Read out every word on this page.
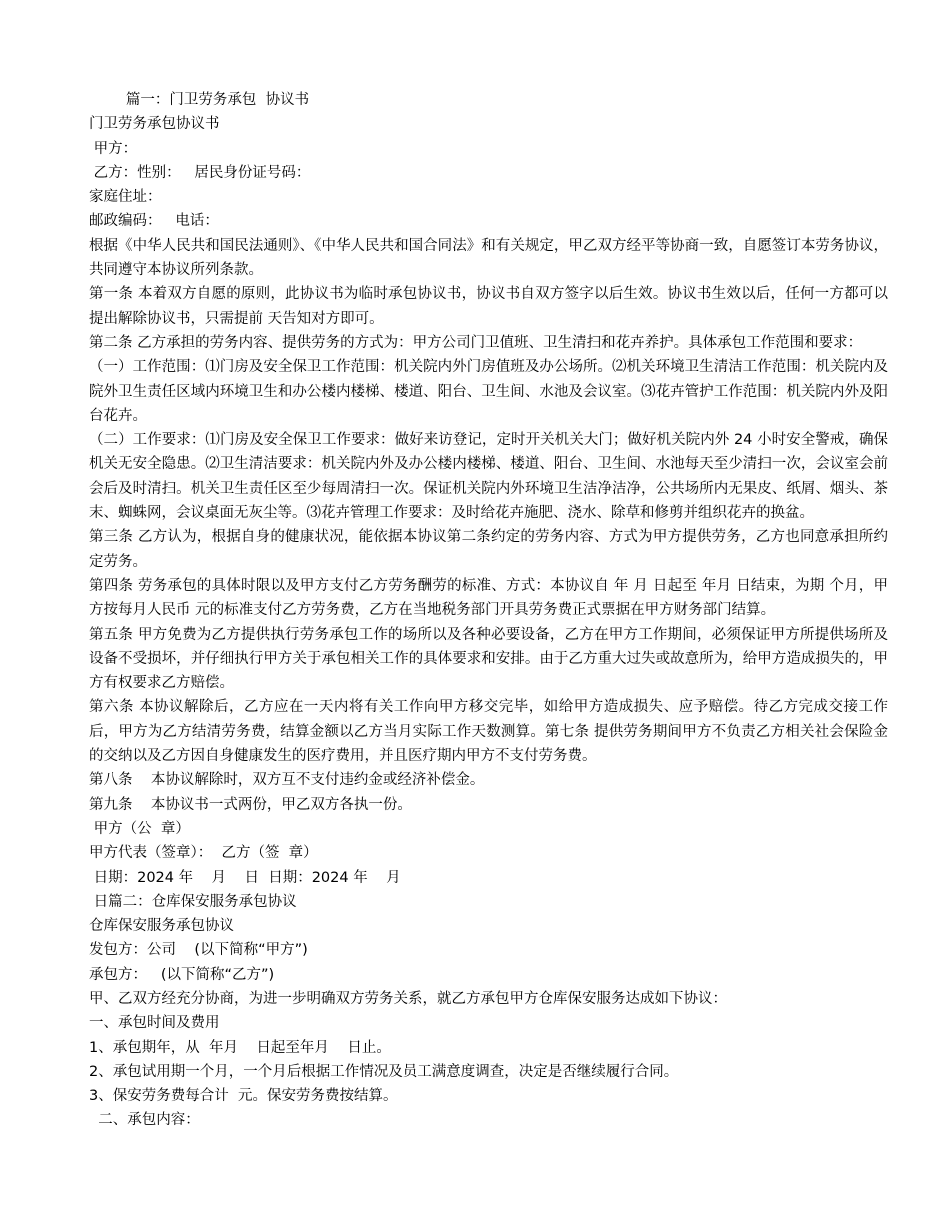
篇一：门卫劳务承包  协议书
门卫劳务承包协议书
甲方：
乙方：性别：   居民身份证号码：
家庭住址：
邮政编码：   电话：
根据《中华人民共和国民法通则》、《中华人民共和国合同法》和有关规定，甲乙双方经平等协商一致，自愿签订本劳务协议，共同遵守本协议所列条款。
第一条 本着双方自愿的原则，此协议书为临时承包协议书，协议书自双方签字以后生效。协议书生效以后，任何一方都可以提出解除协议书，只需提前 天告知对方即可。
第二条 乙方承担的劳务内容、提供劳务的方式为：甲方公司门卫值班、卫生清扫和花卉养护。具体承包工作范围和要求：
（一）工作范围：⑴门房及安全保卫工作范围：机关院内外门房值班及办公场所。⑵机关环境卫生清洁工作范围：机关院内及院外卫生责任区域内环境卫生和办公楼内楼梯、楼道、阳台、卫生间、水池及会议室。⑶花卉管护工作范围：机关院内外及阳台花卉。
（二）工作要求：⑴门房及安全保卫工作要求：做好来访登记，定时开关机关大门；做好机关院内外 24 小时安全警戒，确保机关无安全隐患。⑵卫生清洁要求：机关院内外及办公楼内楼梯、楼道、阳台、卫生间、水池每天至少清扫一次，会议室会前会后及时清扫。机关卫生责任区至少每周清扫一次。保证机关院内外环境卫生洁净洁净，公共场所内无果皮、纸屑、烟头、茶末、蜘蛛网，会议桌面无灰尘等。⑶花卉管理工作要求：及时给花卉施肥、浇水、除草和修剪并组织花卉的换盆。
第三条 乙方认为，根据自身的健康状况，能依据本协议第二条约定的劳务内容、方式为甲方提供劳务，乙方也同意承担所约定劳务。
第四条 劳务承包的具体时限以及甲方支付乙方劳务酬劳的标准、方式：本协议自 年 月 日起至 年月 日结束，为期 个月，甲方按每月人民币 元的标准支付乙方劳务费，乙方在当地税务部门开具劳务费正式票据在甲方财务部门结算。
第五条 甲方免费为乙方提供执行劳务承包工作的场所以及各种必要设备，乙方在甲方工作期间，必须保证甲方所提供场所及设备不受损坏，并仔细执行甲方关于承包相关工作的具体要求和安排。由于乙方重大过失或故意所为，给甲方造成损失的，甲方有权要求乙方赔偿。
第六条 本协议解除后，乙方应在一天内将有关工作向甲方移交完毕，如给甲方造成损失、应予赔偿。待乙方完成交接工作后，甲方为乙方结清劳务费，结算金额以乙方当月实际工作天数测算。第七条 提供劳务期间甲方不负责乙方相关社会保险金的交纳以及乙方因自身健康发生的医疗费用，并且医疗期内甲方不支付劳务费。
第八条    本协议解除时，双方互不支付违约金或经济补偿金。
第九条    本协议书一式两份，甲乙双方各执一份。
甲方（公  章）
甲方代表（签章）：  乙方（签  章）
日期：2024 年    月    日  日期：2024 年    月
日篇二：仓库保安服务承包协议
仓库保安服务承包协议
发包方：公司    (以下简称“甲方”)
承包方：   (以下简称“乙方”)
甲、乙双方经充分协商，为进一步明确双方劳务关系，就乙方承包甲方仓库保安服务达成如下协议：
一、承包时间及费用
1、承包期年，从  年月    日起至年月    日止。
2、承包试用期一个月，一个月后根据工作情况及员工满意度调查，决定是否继续履行合同。
3、保安劳务费每合计  元。保安劳务费按结算。
二、承包内容：
